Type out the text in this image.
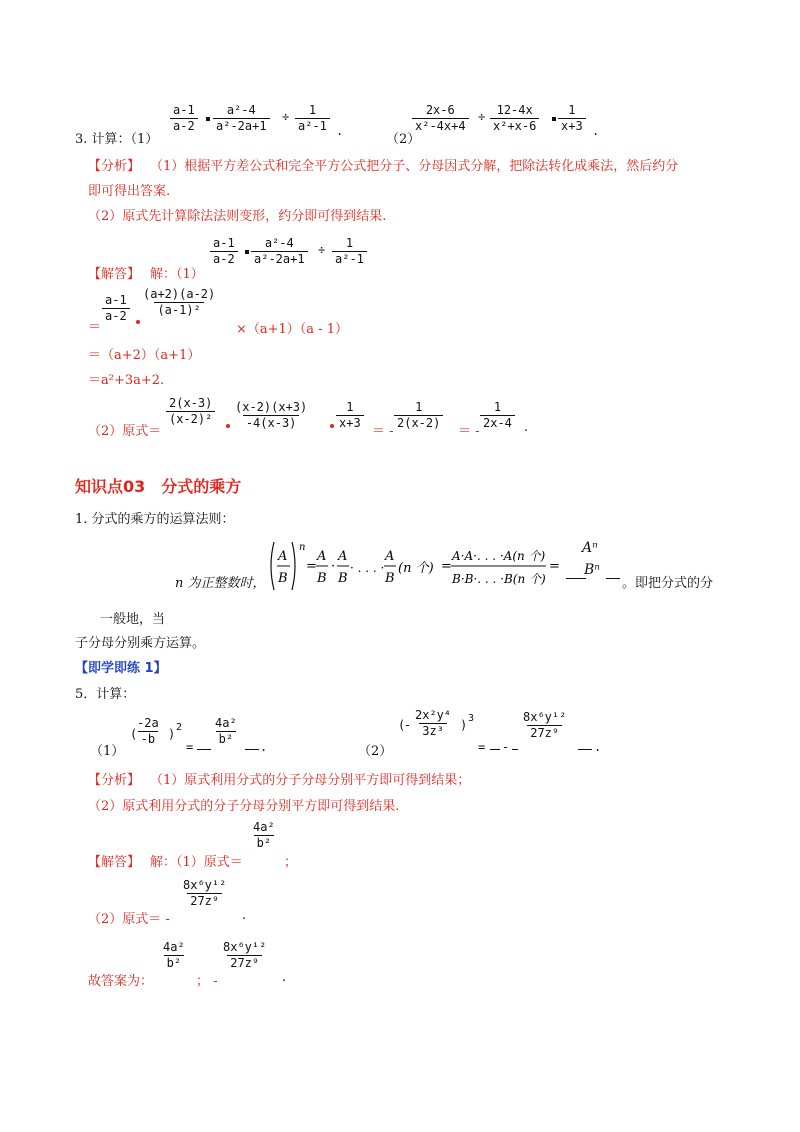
3. 计算：（1）
$\frac{a-1}{a-2} \frac{\text{a²-4}}{\text{a²-2a+1}} \div \frac{1}{\text{a²-1}}$ .
（2）
$\frac{2x-6}{\text{x²-4x+4}} \div \frac{12-4x}{\text{x²+x-6}} \frac{1}{x+3}$ .
【分析】 （1）根据平方差公式和完全平方公式把分子、分母因式分解，把除法转化成乘法，然后约分
即可得出答案.
（2）原式先计算除法法则变形，约分即可得到结果.
【解答】 解：（1）
$\frac{a-1}{a-2} \frac{\text{a²-4}}{\text{a²-2a+1}} \div \frac{1}{\text{a²-1}}$
＝
$\frac{a-1}{a-2} \frac{(a+2)(a-2)}{\text{(a-1)²}}$
×（a+1）（a - 1）
＝（a+2）（a+1）
＝a²+3a+2.
（2）原式＝
$\frac{2(x-3)}{\text{(x-2)²}} \frac{(x-2)(x+3)}{-4(x-3)} \frac{1}{x+3}$
＝ -
$\frac{1}{2(x-2)}$
＝ -
$\frac{1}{2x-4}$ .
知识点03　分式的乘方
1. 分式的乘方的运算法则：
n 为正整数时，
A
B
n
=
A
B
·
A
B
· . . . ·
A
B
(n 个) =
A·A·. . . ·A(n 个)
B·B·. . . ·B(n 个)
=
Aⁿ
Bⁿ
。即把分式的分
一般地，当
子分母分别乘方运算。
【即学即练 1】
5．计算：
（1）
(
$\frac{-2a}{-b}$ ) 2
= $\frac{\text{4a²}}{\text{b²}}$ .	（2）
(
- $\frac{\text{2x²y⁴}}{\text{3z³}}$ ) 3
= -
$\frac{\text{8x⁶y¹²}}{\text{27z⁹}}$
.
【分析】 （1）原式利用分式的分子分母分别平方即可得到结果；
（2）原式利用分式的分子分母分别平方即可得到结果.
【解答】 解：（1）原式＝
$\frac{\text{4a²}}{\text{b²}}$
；
（2）原式＝ -
$\frac{\text{8x⁶y¹²}}{\text{27z⁹}}$
.
故答案为：
$\frac{\text{4a²}}{\text{b²}}$
； -
$\frac{\text{8x⁶y¹²}}{\text{27z⁹}}$
.
